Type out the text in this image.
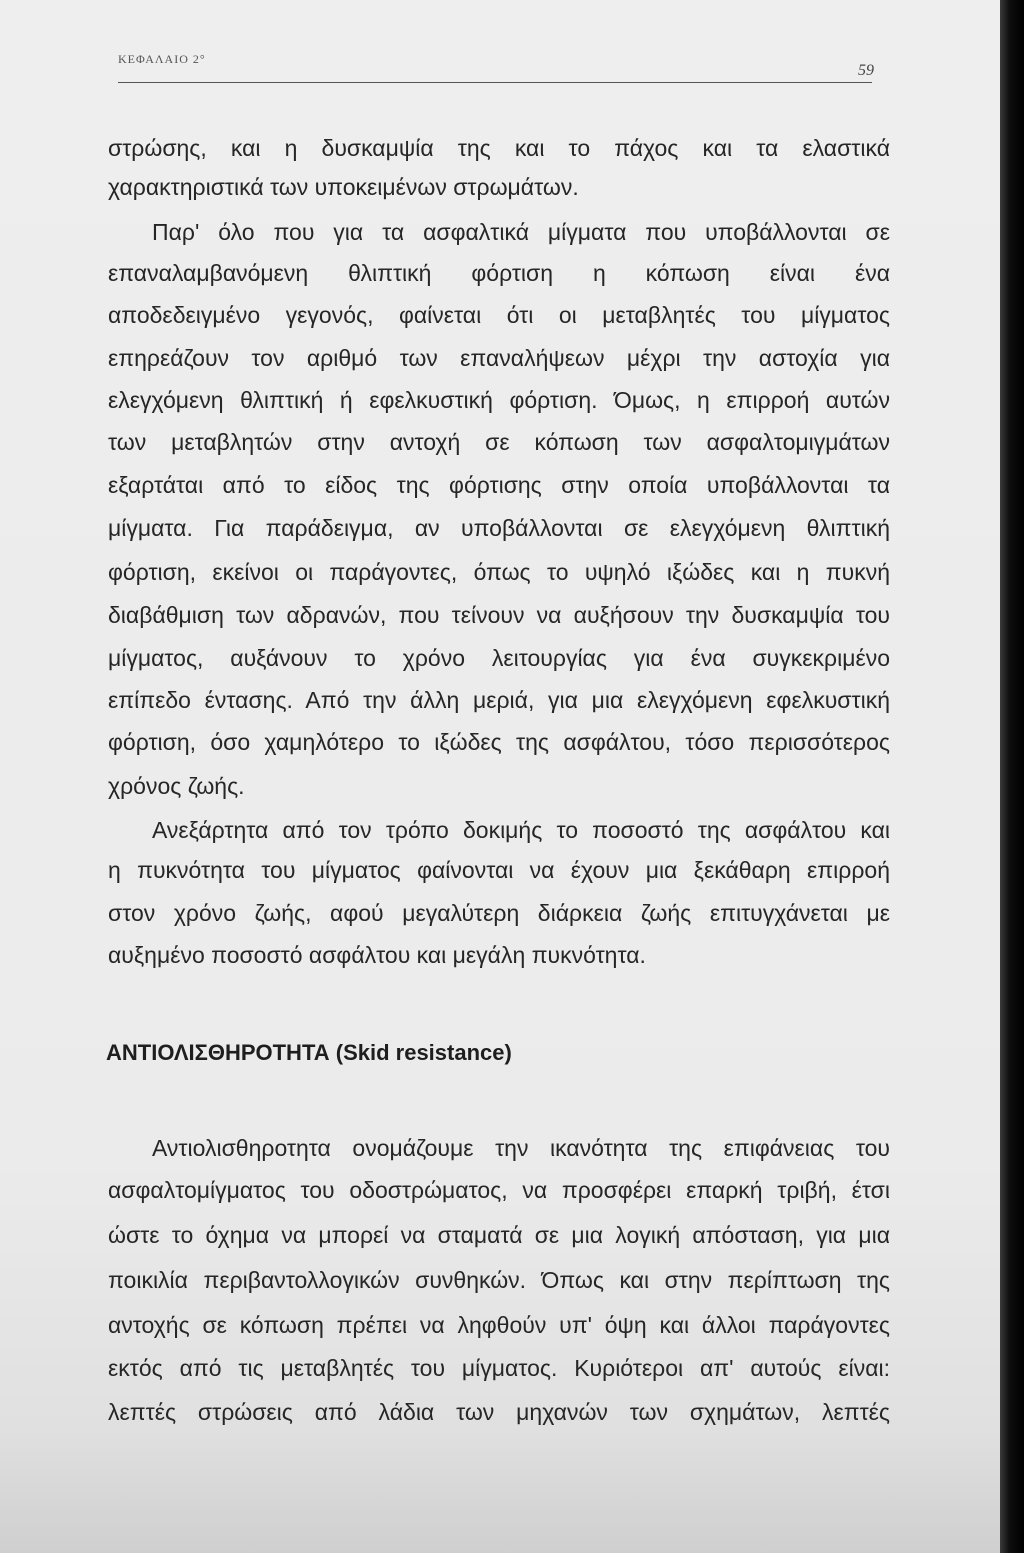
ΚΕΦΑΛΑΙΟ 2°
59
στρώσης, και η δυσκαμψία της και το πάχος και τα ελαστικά
χαρακτηριστικά των υποκειμένων στρωμάτων.
Παρ' όλο που για τα ασφαλτικά μίγματα που υποβάλλονται σε
επαναλαμβανόμενη θλιπτική φόρτιση η κόπωση είναι ένα
αποδεδειγμένο γεγονός, φαίνεται ότι οι μεταβλητές του μίγματος
επηρεάζουν τον αριθμό των επαναλήψεων μέχρι την αστοχία για
ελεγχόμενη θλιπτική ή εφελκυστική φόρτιση. Όμως, η επιρροή αυτών
των μεταβλητών στην αντοχή σε κόπωση των ασφαλτομιγμάτων
εξαρτάται από το είδος της φόρτισης στην οποία υποβάλλονται τα
μίγματα. Για παράδειγμα, αν υποβάλλονται σε ελεγχόμενη θλιπτική
φόρτιση, εκείνοι οι παράγοντες, όπως το υψηλό ιξώδες και η πυκνή
διαβάθμιση των αδρανών, που τείνουν να αυξήσουν την δυσκαμψία του
μίγματος, αυξάνουν το χρόνο λειτουργίας για ένα συγκεκριμένο
επίπεδο έντασης. Από την άλλη μεριά, για μια ελεγχόμενη εφελκυστική
φόρτιση, όσο χαμηλότερο το ιξώδες της ασφάλτου, τόσο περισσότερος
χρόνος ζωής.
Ανεξάρτητα από τον τρόπο δοκιμής το ποσοστό της ασφάλτου και
η πυκνότητα του μίγματος φαίνονται να έχουν μια ξεκάθαρη επιρροή
στον χρόνο ζωής, αφού μεγαλύτερη διάρκεια ζωής επιτυγχάνεται με
αυξημένο ποσοστό ασφάλτου και μεγάλη πυκνότητα.
ΑΝΤΙΟΛΙΣΘΗΡΟΤΗΤΑ (Skid resistance)
Αντιολισθηροτητα ονομάζουμε την ικανότητα της επιφάνειας του
ασφαλτομίγματος του οδοστρώματος, να προσφέρει επαρκή τριβή, έτσι
ώστε το όχημα να μπορεί να σταματά σε μια λογική απόσταση, για μια
ποικιλία περιβαντολλογικών συνθηκών. Όπως και στην περίπτωση της
αντοχής σε κόπωση πρέπει να ληφθούν υπ' όψη και άλλοι παράγοντες
εκτός από τις μεταβλητές του μίγματος. Κυριότεροι απ' αυτούς είναι:
λεπτές στρώσεις από λάδια των μηχανών των σχημάτων, λεπτές
